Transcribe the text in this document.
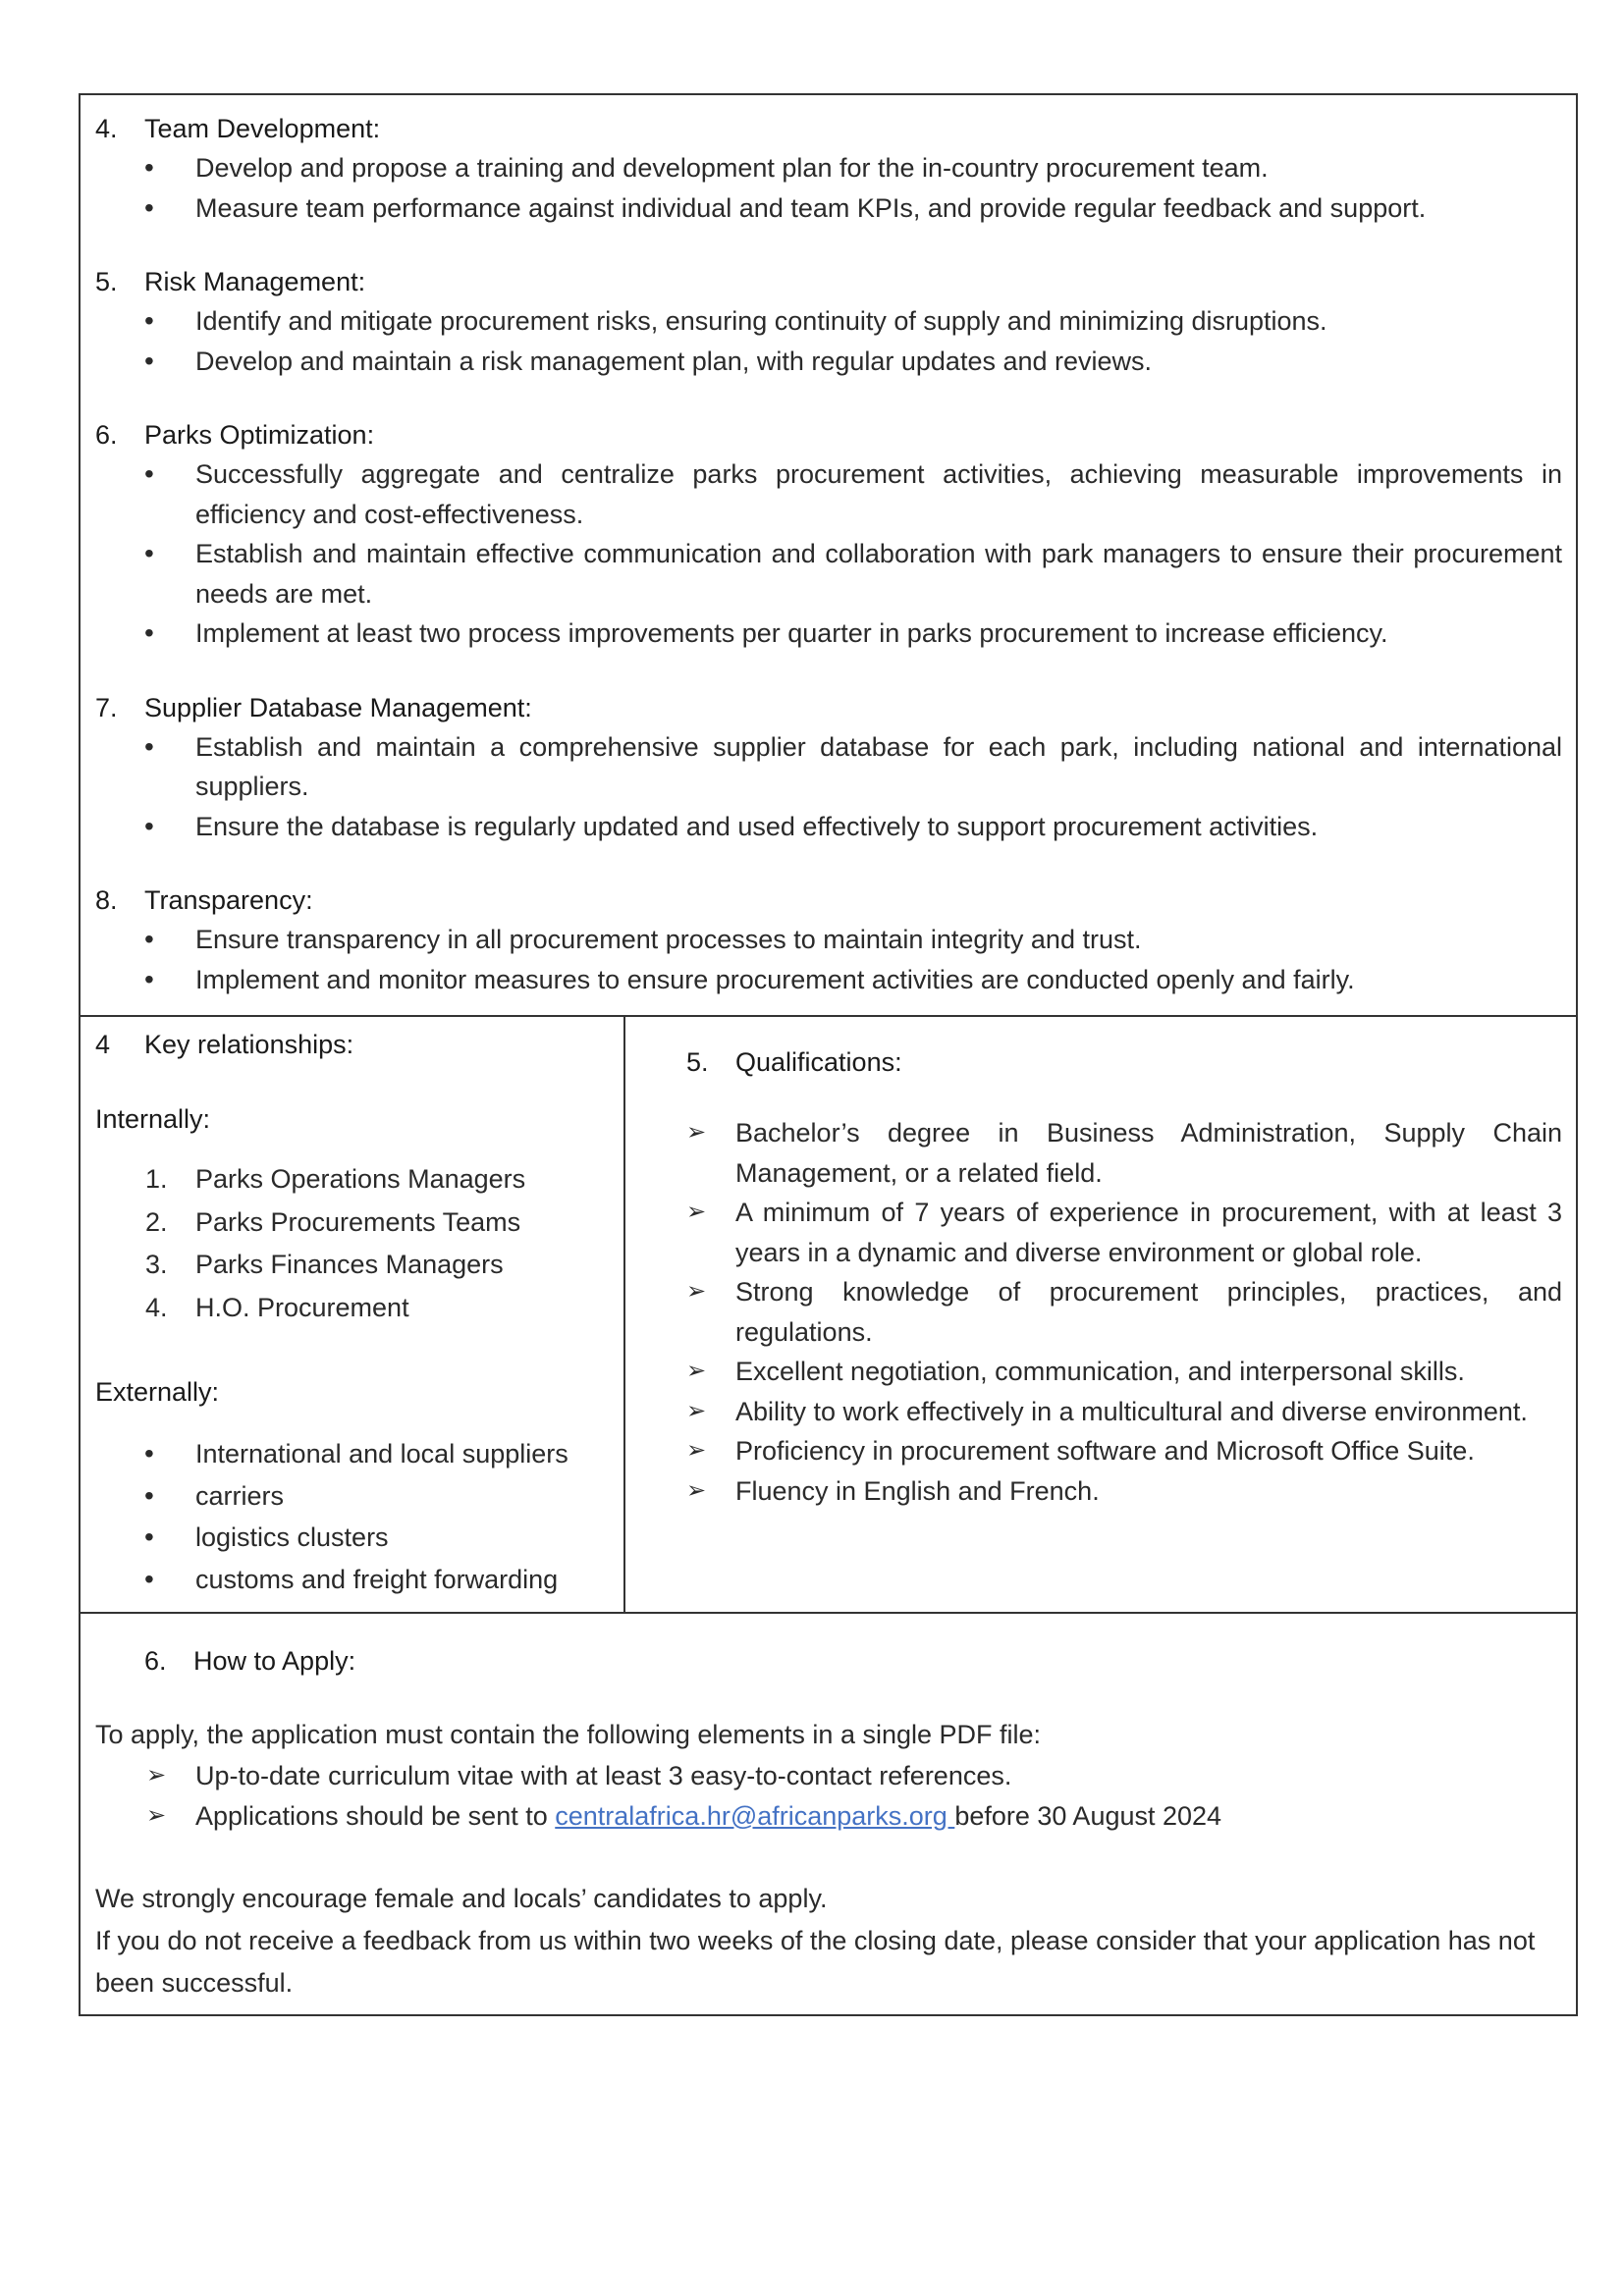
4.	Team Development:
• Develop and propose a training and development plan for the in-country procurement team.
• Measure team performance against individual and team KPIs, and provide regular feedback and support.
5.	Risk Management:
• Identify and mitigate procurement risks, ensuring continuity of supply and minimizing disruptions.
• Develop and maintain a risk management plan, with regular updates and reviews.
6.	Parks Optimization:
• Successfully aggregate and centralize parks procurement activities, achieving measurable improvements in efficiency and cost-effectiveness.
• Establish and maintain effective communication and collaboration with park managers to ensure their procurement needs are met.
• Implement at least two process improvements per quarter in parks procurement to increase efficiency.
7.	Supplier Database Management:
• Establish and maintain a comprehensive supplier database for each park, including national and international suppliers.
• Ensure the database is regularly updated and used effectively to support procurement activities.
8.	Transparency:
• Ensure transparency in all procurement processes to maintain integrity and trust.
• Implement and monitor measures to ensure procurement activities are conducted openly and fairly.
4	Key relationships:
Internally:
1. Parks Operations Managers
2. Parks Procurements Teams
3. Parks Finances Managers
4. H.O. Procurement
Externally:
• International and local suppliers
• carriers
• logistics clusters
• customs and freight forwarding
5.	Qualifications:
➢ Bachelor’s degree in Business Administration, Supply Chain Management, or a related field.
➢ A minimum of 7 years of experience in procurement, with at least 3 years in a dynamic and diverse environment or global role.
➢ Strong knowledge of procurement principles, practices, and regulations.
➢ Excellent negotiation, communication, and interpersonal skills.
➢ Ability to work effectively in a multicultural and diverse environment.
➢ Proficiency in procurement software and Microsoft Office Suite.
➢ Fluency in English and French.
6.	How to Apply:

To apply, the application must contain the following elements in a single PDF file:

➢ Up-to-date curriculum vitae with at least 3 easy-to-contact references.
➢ Applications should be sent to centralafrica.hr@africanparks.org before 30 August 2024

We strongly encourage female and locals’ candidates to apply.

If you do not receive a feedback from us within two weeks of the closing date, please consider that your application has not been successful.
